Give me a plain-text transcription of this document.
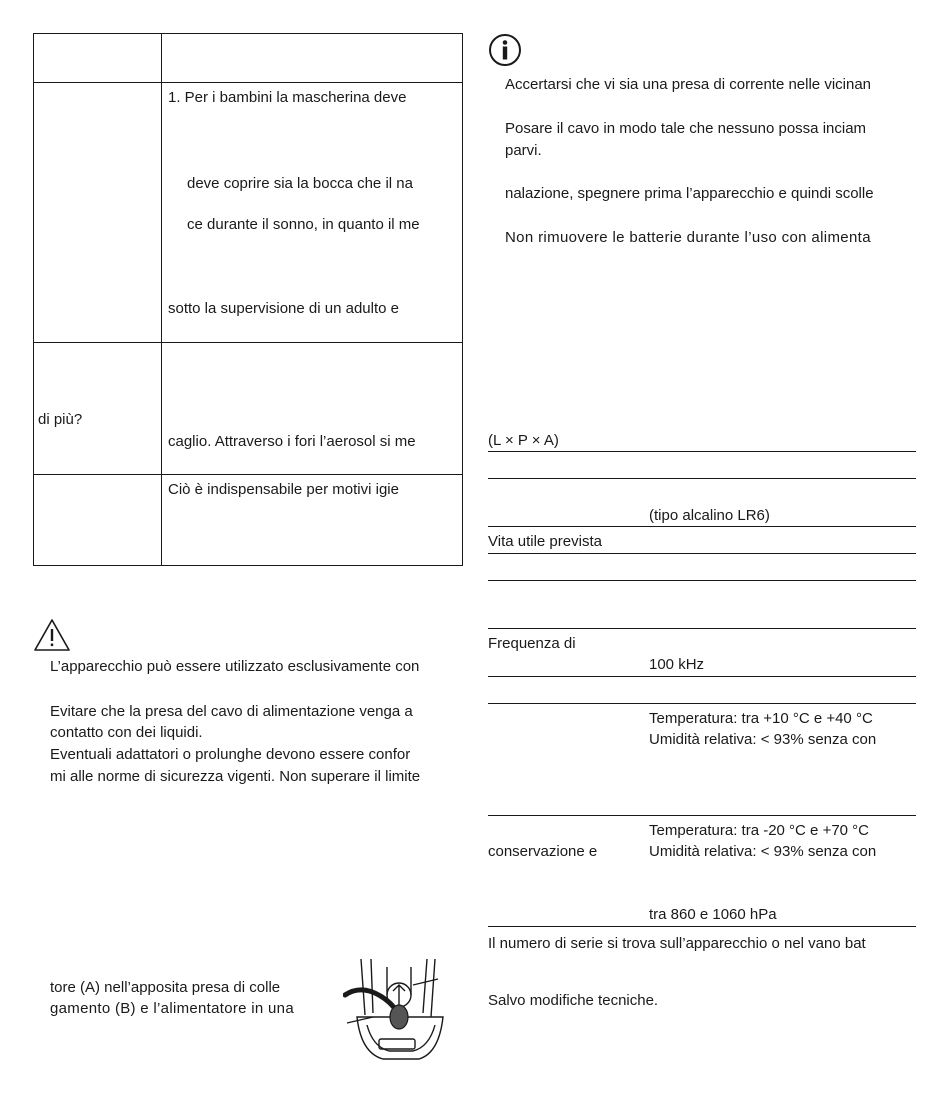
1. Per i bambini la mascherina deve
deve coprire sia la bocca che il na
ce durante il sonno, in quanto il me
sotto la supervisione di un adulto e
di più?
caglio. Attraverso i fori l’aerosol si me
Ciò è indispensabile per motivi igie
Accertarsi che vi sia una presa di corrente nelle vicinan
Posare il cavo in modo tale che nessuno possa inciam
parvi.
nalazione, spegnere prima l’apparecchio e quindi scolle
Non rimuovere le batterie durante l’uso con alimenta
L’apparecchio può essere utilizzato esclusivamente con
Evitare che la presa del cavo di alimentazione venga a
contatto con dei liquidi.
Eventuali adattatori o prolunghe devono essere confor
mi alle norme di sicurezza vigenti. Non superare il limite
tore (A) nell’apposita presa di colle
gamento (B) e l’alimentatore in una
(L × P × A)
(tipo alcalino LR6)
Vita utile prevista
Frequenza di
100 kHz
Temperatura: tra +10 °C e +40 °C
Umidità relativa: < 93% senza con
Temperatura: tra -20 °C e +70 °C
conservazione e	Umidità relativa: < 93% senza con
tra 860 e 1060 hPa
Il numero di serie si trova sull’apparecchio o nel vano bat
Salvo modifiche tecniche.
